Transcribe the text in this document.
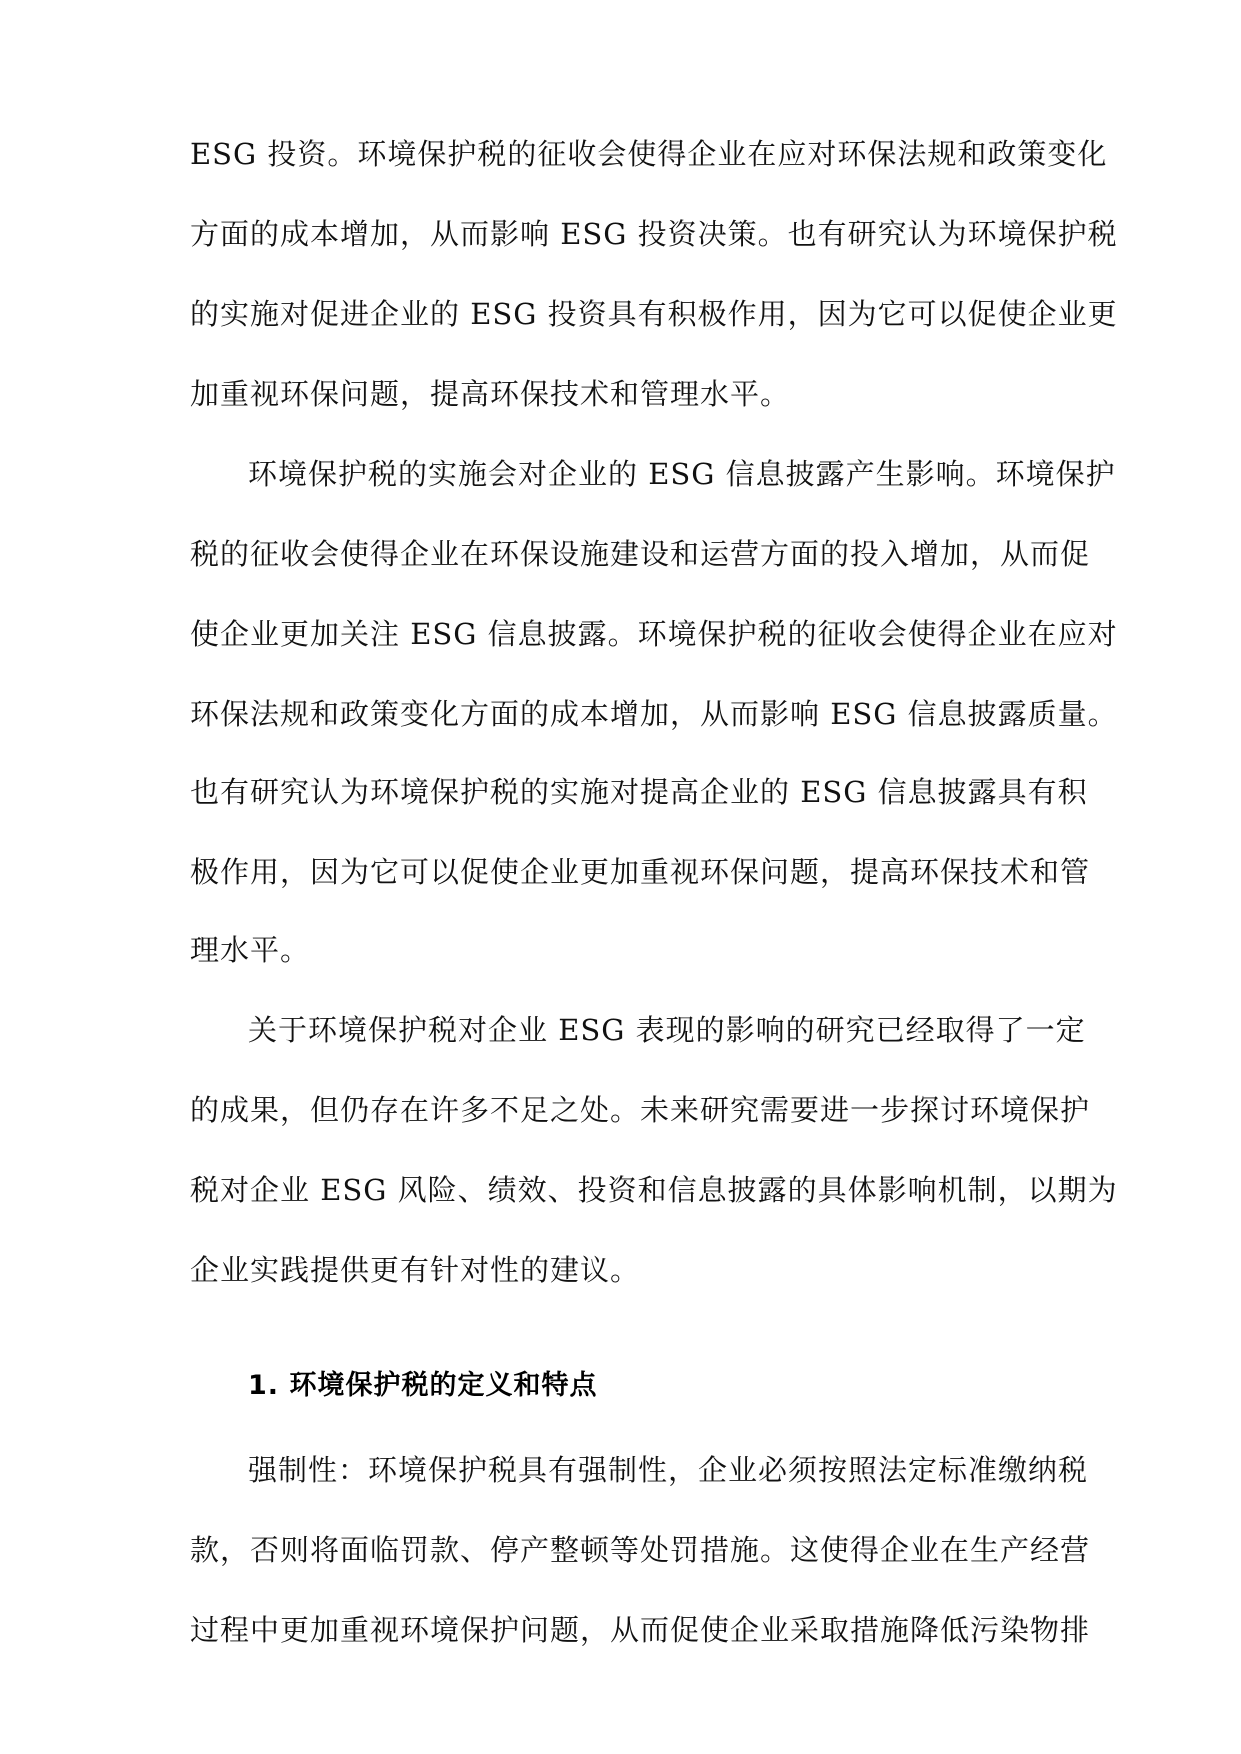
ESG 投资。环境保护税的征收会使得企业在应对环保法规和政策变化

方面的成本增加，从而影响 ESG 投资决策。也有研究认为环境保护税

的实施对促进企业的 ESG 投资具有积极作用，因为它可以促使企业更

加重视环保问题，提高环保技术和管理水平。

环境保护税的实施会对企业的 ESG 信息披露产生影响。环境保护

税的征收会使得企业在环保设施建设和运营方面的投入增加，从而促

使企业更加关注 ESG 信息披露。环境保护税的征收会使得企业在应对

环保法规和政策变化方面的成本增加，从而影响 ESG 信息披露质量。

也有研究认为环境保护税的实施对提高企业的 ESG 信息披露具有积

极作用，因为它可以促使企业更加重视环保问题，提高环保技术和管

理水平。

关于环境保护税对企业 ESG 表现的影响的研究已经取得了一定

的成果，但仍存在许多不足之处。未来研究需要进一步探讨环境保护

税对企业 ESG 风险、绩效、投资和信息披露的具体影响机制，以期为

企业实践提供更有针对性的建议。

1. 环境保护税的定义和特点

强制性：环境保护税具有强制性，企业必须按照法定标准缴纳税

款，否则将面临罚款、停产整顿等处罚措施。这使得企业在生产经营

过程中更加重视环境保护问题，从而促使企业采取措施降低污染物排
